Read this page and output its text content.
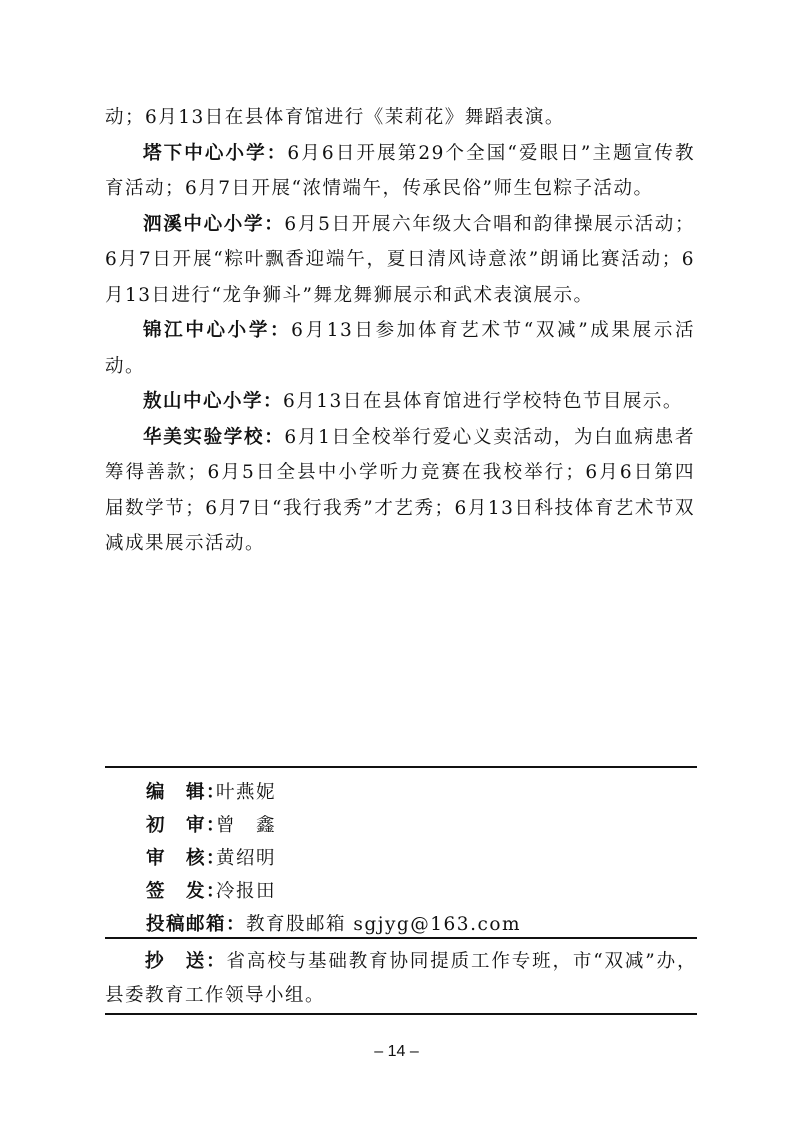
动；6月13日在县体育馆进行《茉莉花》舞蹈表演。

塔下中心小学：6月6日开展第29个全国“爱眼日”主题宣传教育活动；6月7日开展“浓情端午，传承民俗”师生包粽子活动。

泗溪中心小学：6月5日开展六年级大合唱和韵律操展示活动；6月7日开展“粽叶飘香迎端午，夏日清风诗意浓”朗诵比赛活动；6月13日进行“龙争狮斗”舞龙舞狮展示和武术表演展示。

锦江中心小学：6月13日参加体育艺术节“双减”成果展示活动。

敖山中心小学：6月13日在县体育馆进行学校特色节目展示。

华美实验学校：6月1日全校举行爱心义卖活动，为白血病患者筹得善款；6月5日全县中小学听力竞赛在我校举行；6月6日第四届数学节；6月7日“我行我秀”才艺秀；6月13日科技体育艺术节双减成果展示活动。

编　辑：叶燕妮
初　审：曾　鑫
审　核：黄绍明
签　发：冷报田
投稿邮箱：教育股邮箱 sgjyg@163.com
抄　送：省高校与基础教育协同提质工作专班，市“双减”办，县委教育工作领导小组。
– 14 –
